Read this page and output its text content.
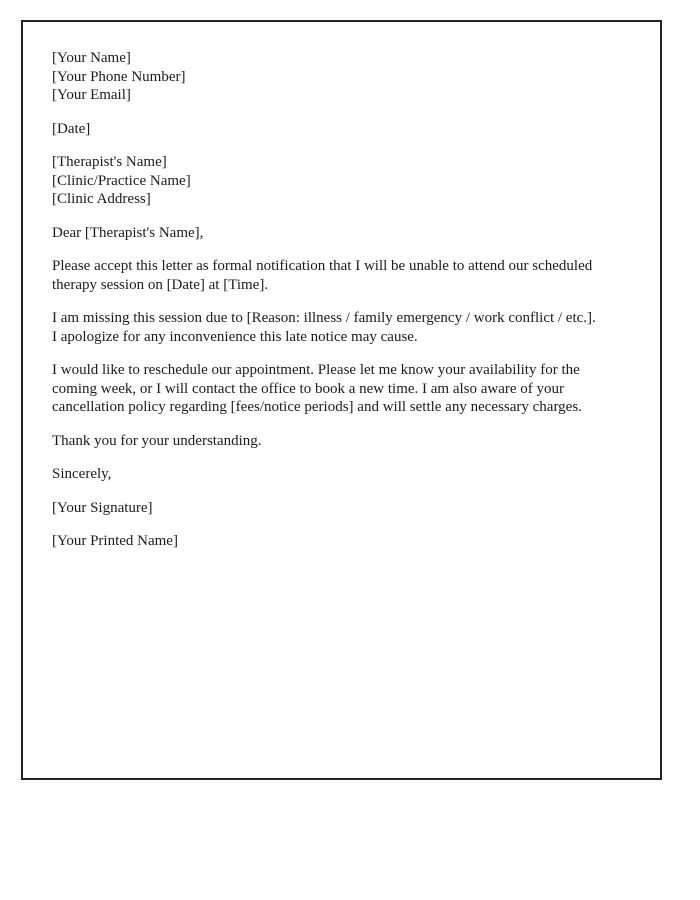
[Your Name]
[Your Phone Number]
[Your Email]
[Date]
[Therapist's Name]
[Clinic/Practice Name]
[Clinic Address]
Dear [Therapist's Name],
Please accept this letter as formal notification that I will be unable to attend our scheduled
therapy session on [Date] at [Time].
I am missing this session due to [Reason: illness / family emergency / work conflict / etc.].
I apologize for any inconvenience this late notice may cause.
I would like to reschedule our appointment. Please let me know your availability for the
coming week, or I will contact the office to book a new time. I am also aware of your
cancellation policy regarding [fees/notice periods] and will settle any necessary charges.
Thank you for your understanding.
Sincerely,
[Your Signature]
[Your Printed Name]
